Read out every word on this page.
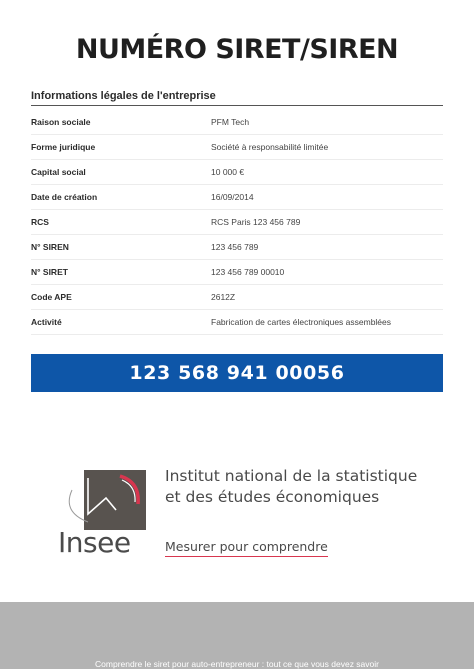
NUMÉRO SIRET/SIREN
Informations légales de l'entreprise
Raison sociale	PFM Tech
Forme juridique	Société à responsabilité limitée
Capital social	10 000 €
Date de création	16/09/2014
RCS	RCS Paris 123 456 789
N° SIREN	123 456 789
N° SIRET	123 456 789 00010
Code APE	2612Z
Activité	Fabrication de cartes électroniques assemblées
123 568 941 00056
Insee
Institut national de la statistique
et des études économiques
Mesurer pour comprendre
Comprendre le siret pour auto-entrepreneur : tout ce que vous devez savoir
